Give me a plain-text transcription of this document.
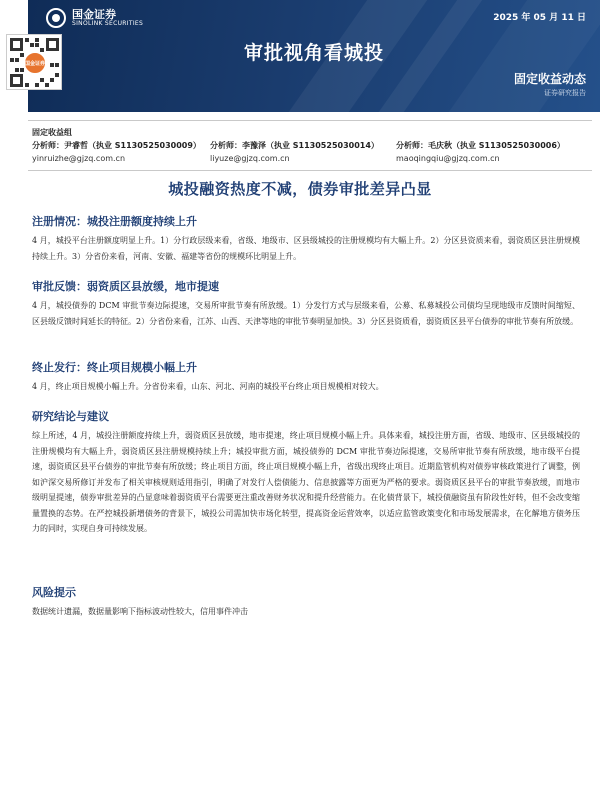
国金证券
SINOLINK SECURITIES
2025 年 05 月 11 日
审批视角看城投
固定收益动态
证券研究报告
国金证券
固定收益组
分析师：尹睿哲（执业 S1130525030009）
yinruizhe@gjzq.com.cn
分析师：李豫泽（执业 S1130525030014）
liyuze@gjzq.com.cn
分析师：毛庆秋（执业 S1130525030006）
maoqingqiu@gjzq.com.cn
城投融资热度不减，债券审批差异凸显
注册情况：城投注册额度持续上升

4 月，城投平台注册额度明显上升。1）分行政层级来看，省级、地级市、区县级城投的注册规模均有大幅上升。2）分区县资质来看，弱资质区县注册规模持续上升。3）分省份来看，河南、安徽、福建等省份的规模环比明显上升。

审批反馈：弱资质区县放缓，地市提速

4 月，城投债券的 DCM 审批节奏边际提速，交易所审批节奏有所放缓。1）分发行方式与层级来看，公募、私募城投公司债均呈现地级市反馈时间缩短、区县级反馈时间延长的特征。2）分省份来看，江苏、山西、天津等地的审批节奏明显加快。3）分区县资质看，弱资质区县平台债券的审批节奏有所放缓。

终止发行：终止项目规模小幅上升

4 月，终止项目规模小幅上升。分省份来看，山东、河北、河南的城投平台终止项目规模相对较大。

研究结论与建议

综上所述，4 月，城投注册额度持续上升，弱资质区县放缓，地市提速，终止项目规模小幅上升。具体来看，城投注册方面，省级、地级市、区县级城投的注册规模均有大幅上升，弱资质区县注册规模持续上升；城投审批方面，城投债券的 DCM 审批节奏边际提速，交易所审批节奏有所放缓，地市级平台提速，弱资质区县平台债券的审批节奏有所放缓；终止项目方面，终止项目规模小幅上升，省级出现终止项目。近期监管机构对债券审核政策进行了调整，例如沪深交易所修订并发布了相关审核规则适用指引，明确了对发行人偿债能力、信息披露等方面更为严格的要求。弱资质区县平台的审批节奏放缓，而地市级明显提速，债券审批差异的凸显意味着弱资质平台需要更注重改善财务状况和提升经营能力。在化债背景下，城投债融资虽有阶段性好转，但不会改变缩量置换的态势。在严控城投新增债务的背景下，城投公司需加快市场化转型，提高资金运营效率，以适应监管政策变化和市场发展需求，在化解地方债务压力的同时，实现自身可持续发展。

风险提示

数据统计遗漏，数据量影响下指标波动性较大，信用事件冲击
